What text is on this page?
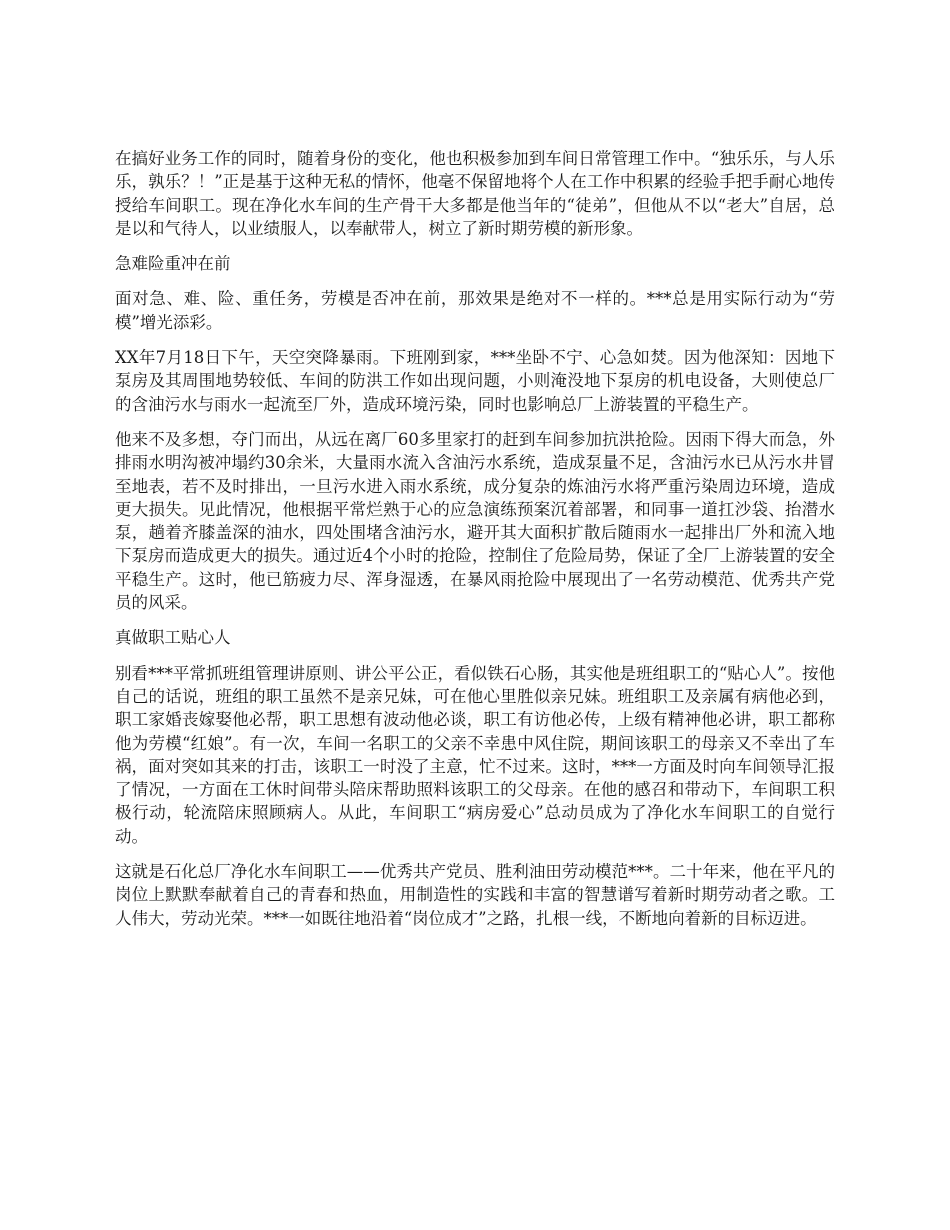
在搞好业务工作的同时，随着身份的变化，他也积极参加到车间日常管理工作中。“独乐乐，与人乐乐，孰乐？！”正是基于这种无私的情怀，他毫不保留地将个人在工作中积累的经验手把手耐心地传授给车间职工。现在净化水车间的生产骨干大多都是他当年的“徒弟”，但他从不以“老大”自居，总是以和气待人，以业绩服人，以奉献带人，树立了新时期劳模的新形象。

急难险重冲在前

面对急、难、险、重任务，劳模是否冲在前，那效果是绝对不一样的。***总是用实际行动为“劳模”增光添彩。

XX年7月18日下午，天空突降暴雨。下班刚到家，***坐卧不宁、心急如焚。因为他深知：因地下泵房及其周围地势较低、车间的防洪工作如出现问题，小则淹没地下泵房的机电设备，大则使总厂的含油污水与雨水一起流至厂外，造成环境污染，同时也影响总厂上游装置的平稳生产。

他来不及多想，夺门而出，从远在离厂60多里家打的赶到车间参加抗洪抢险。因雨下得大而急，外排雨水明沟被冲塌约30余米，大量雨水流入含油污水系统，造成泵量不足，含油污水已从污水井冒至地表，若不及时排出，一旦污水进入雨水系统，成分复杂的炼油污水将严重污染周边环境，造成更大损失。见此情况，他根据平常烂熟于心的应急演练预案沉着部署，和同事一道扛沙袋、抬潜水泵，趟着齐膝盖深的油水，四处围堵含油污水，避开其大面积扩散后随雨水一起排出厂外和流入地下泵房而造成更大的损失。通过近4个小时的抢险，控制住了危险局势，保证了全厂上游装置的安全平稳生产。这时，他已筋疲力尽、浑身湿透，在暴风雨抢险中展现出了一名劳动模范、优秀共产党员的风采。

真做职工贴心人

别看***平常抓班组管理讲原则、讲公平公正，看似铁石心肠，其实他是班组职工的“贴心人”。按他自己的话说，班组的职工虽然不是亲兄妹，可在他心里胜似亲兄妹。班组职工及亲属有病他必到，职工家婚丧嫁娶他必帮，职工思想有波动他必谈，职工有访他必传，上级有精神他必讲，职工都称他为劳模“红娘”。有一次，车间一名职工的父亲不幸患中风住院，期间该职工的母亲又不幸出了车祸，面对突如其来的打击，该职工一时没了主意，忙不过来。这时，***一方面及时向车间领导汇报了情况，一方面在工休时间带头陪床帮助照料该职工的父母亲。在他的感召和带动下，车间职工积极行动，轮流陪床照顾病人。从此，车间职工“病房爱心”总动员成为了净化水车间职工的自觉行动。

这就是石化总厂净化水车间职工——优秀共产党员、胜利油田劳动模范***。二十年来，他在平凡的岗位上默默奉献着自己的青春和热血，用制造性的实践和丰富的智慧谱写着新时期劳动者之歌。工人伟大，劳动光荣。***一如既往地沿着“岗位成才”之路，扎根一线，不断地向着新的目标迈进。
